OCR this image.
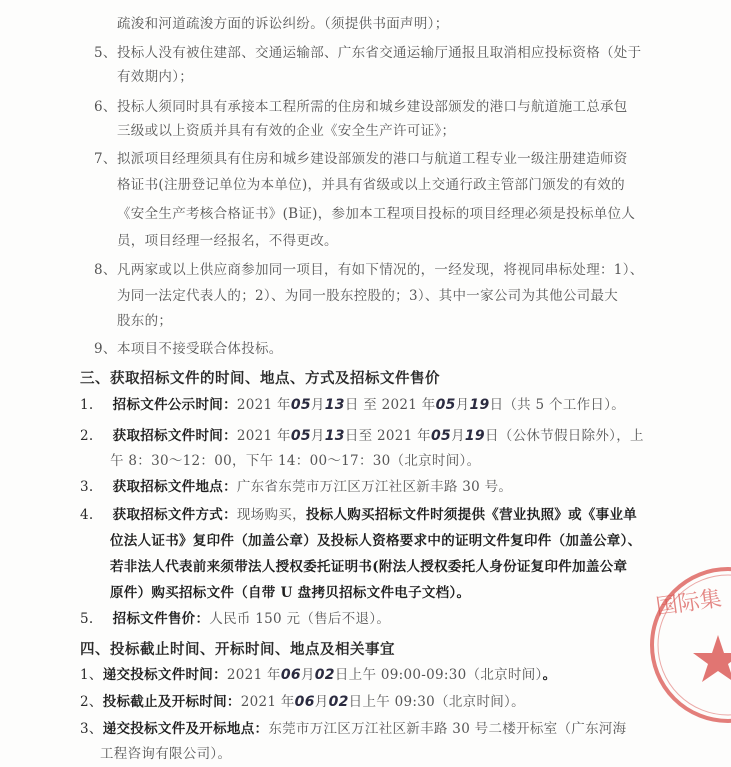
疏浚和河道疏浚方面的诉讼纠纷。（须提供书面声明）；
5、 投标人没有被住建部、交通运输部、广东省交通运输厅通报且取消相应投标资格（处于
有效期内）；
6、 投标人须同时具有承接本工程所需的住房和城乡建设部颁发的港口与航道施工总承包
三级或以上资质并具有有效的企业《安全生产许可证》；
7、 拟派项目经理须具有住房和城乡建设部颁发的港口与航道工程专业一级注册建造师资
格证书(注册登记单位为本单位)，并具有省级或以上交通行政主管部门颁发的有效的
《安全生产考核合格证书》(B证)，参加本工程项目投标的项目经理必须是投标单位人
员，项目经理一经报名，不得更改。
8、 凡两家或以上供应商参加同一项目，有如下情况的，一经发现，将视同串标处理：1）、
为同一法定代表人的；2）、为同一股东控股的；3）、其中一家公司为其他公司最大
股东的；
9、 本项目不接受联合体投标。
三、获取招标文件的时间、地点、方式及招标文件售价
1. 招标文件公示时间：2021 年05月13日 至 2021 年05月19日（共 5 个工作日）。
2. 获取招标文件时间：2021 年05月13日至 2021 年05月19日（公休节假日除外），上
午 8：30～12：00，下午 14：00～17：30（北京时间）。
3. 获取招标文件地点：广东省东莞市万江区万江社区新丰路 30 号。
4. 获取招标文件方式：现场购买，投标人购买招标文件时须提供《营业执照》或《事业单
位法人证书》复印件（加盖公章）及投标人资格要求中的证明文件复印件（加盖公章）、
若非法人代表前来须带法人授权委托证明书(附法人授权委托人身份证复印件加盖公章
原件）购买招标文件（自带 U 盘拷贝招标文件电子文档）。
5. 招标文件售价：人民币 150 元（售后不退）。
四、投标截止时间、开标时间、地点及相关事宜
1、递交投标文件时间：2021 年06月02日上午 09:00-09:30（北京时间）。
2、投标截止及开标时间：2021 年06月02日上午 09:30（北京时间）。
3、递交投标文件及开标地点：东莞市万江区万江社区新丰路 30 号二楼开标室（广东河海
工程咨询有限公司）。
国际集
